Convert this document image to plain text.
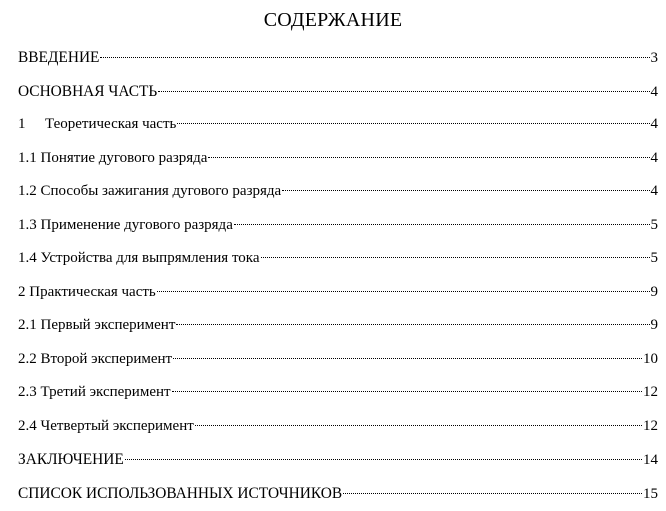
СОДЕРЖАНИЕ
ВВЕДЕНИЕ	3
ОСНОВНАЯ ЧАСТЬ	4
1 Теоретическая часть	4
1.1 Понятие дугового разряда	4
1.2 Способы зажигания дугового разряда	4
1.3 Применение дугового разряда	5
1.4 Устройства для выпрямления тока	5
2 Практическая часть	9
2.1 Первый эксперимент	9
2.2 Второй эксперимент	10
2.3 Третий эксперимент	12
2.4 Четвертый эксперимент	12
ЗАКЛЮЧЕНИЕ	14
СПИСОК ИСПОЛЬЗОВАННЫХ ИСТОЧНИКОВ	15
